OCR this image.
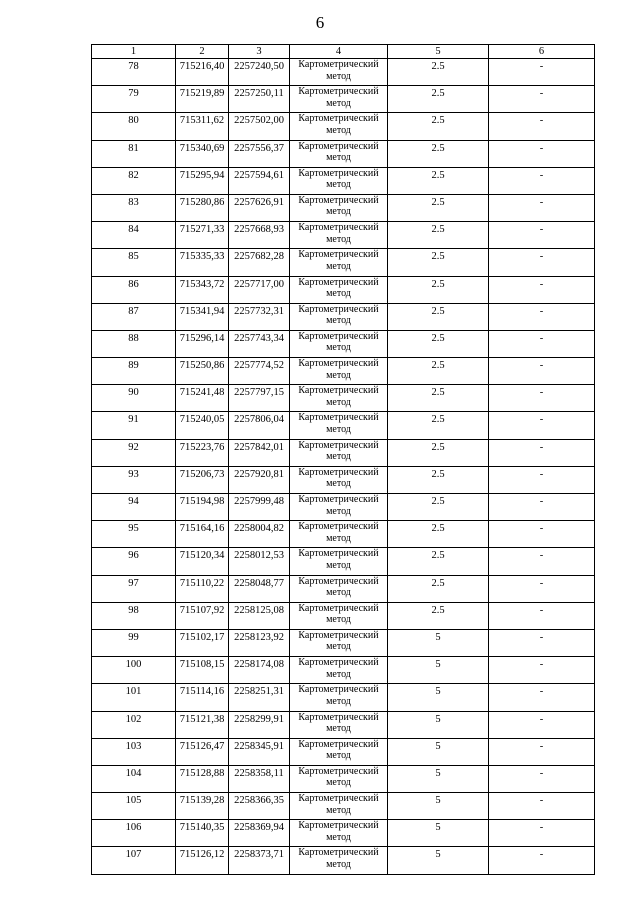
6
1	2	3	4	5	6
78	715216,40	2257240,50	Картометрический метод	2.5	-
79	715219,89	2257250,11	Картометрический метод	2.5	-
80	715311,62	2257502,00	Картометрический метод	2.5	-
81	715340,69	2257556,37	Картометрический метод	2.5	-
82	715295,94	2257594,61	Картометрический метод	2.5	-
83	715280,86	2257626,91	Картометрический метод	2.5	-
84	715271,33	2257668,93	Картометрический метод	2.5	-
85	715335,33	2257682,28	Картометрический метод	2.5	-
86	715343,72	2257717,00	Картометрический метод	2.5	-
87	715341,94	2257732,31	Картометрический метод	2.5	-
88	715296,14	2257743,34	Картометрический метод	2.5	-
89	715250,86	2257774,52	Картометрический метод	2.5	-
90	715241,48	2257797,15	Картометрический метод	2.5	-
91	715240,05	2257806,04	Картометрический метод	2.5	-
92	715223,76	2257842,01	Картометрический метод	2.5	-
93	715206,73	2257920,81	Картометрический метод	2.5	-
94	715194,98	2257999,48	Картометрический метод	2.5	-
95	715164,16	2258004,82	Картометрический метод	2.5	-
96	715120,34	2258012,53	Картометрический метод	2.5	-
97	715110,22	2258048,77	Картометрический метод	2.5	-
98	715107,92	2258125,08	Картометрический метод	2.5	-
99	715102,17	2258123,92	Картометрический метод	5	-
100	715108,15	2258174,08	Картометрический метод	5	-
101	715114,16	2258251,31	Картометрический метод	5	-
102	715121,38	2258299,91	Картометрический метод	5	-
103	715126,47	2258345,91	Картометрический метод	5	-
104	715128,88	2258358,11	Картометрический метод	5	-
105	715139,28	2258366,35	Картометрический метод	5	-
106	715140,35	2258369,94	Картометрический метод	5	-
107	715126,12	2258373,71	Картометрический метод	5	-
